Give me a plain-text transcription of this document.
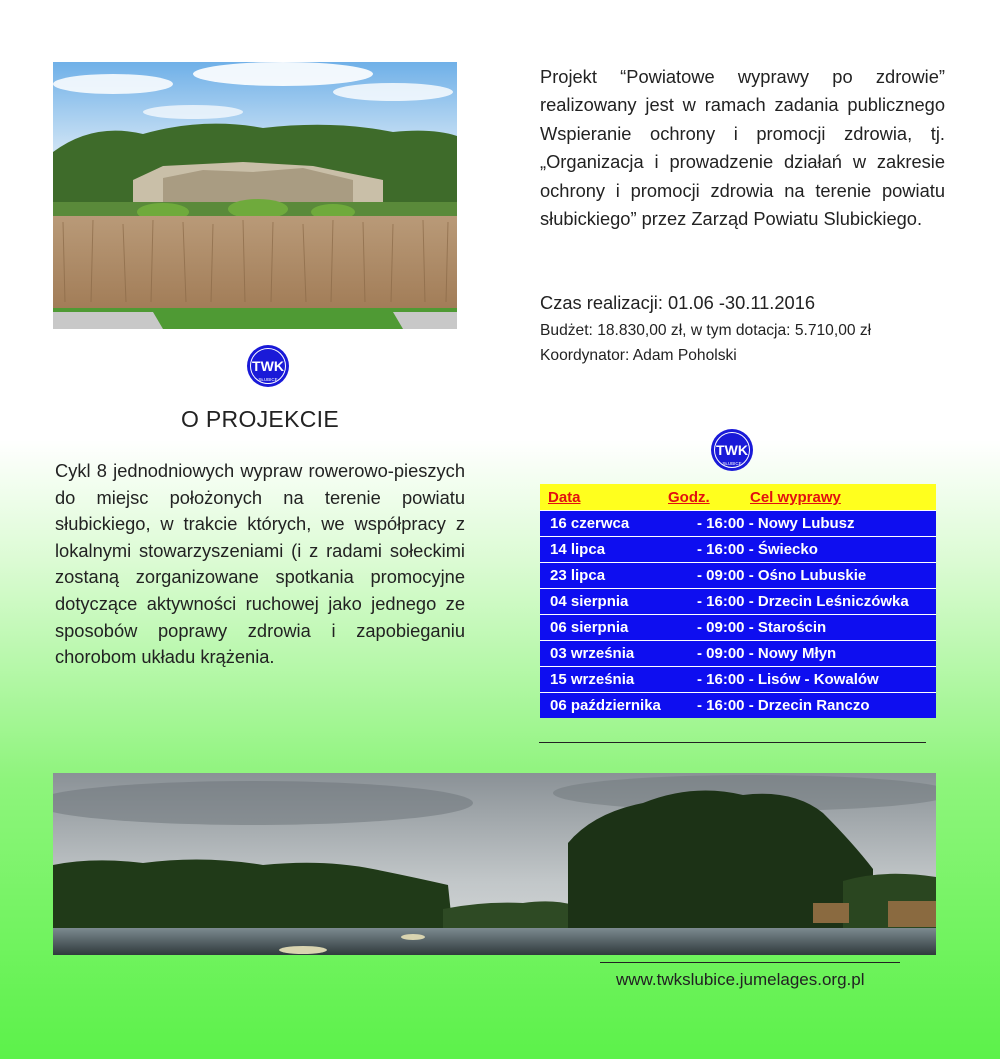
TWK
SŁUBICE
O PROJEKCIE
Cykl 8 jednodniowych wypraw rowerowo-pieszych do miejsc położonych na terenie powiatu słubickiego, w trakcie których, we współpracy z lokalnymi stowarzyszeniami (i z radami sołeckimi zostaną zorganizowane spotkania promocyjne dotyczące aktywności ruchowej jako jednego ze sposobów poprawy zdrowia i zapobieganiu chorobom układu krążenia.
Projekt “Powiatowe wyprawy po zdrowie” realizowany jest w ramach zadania publicznego Wspieranie ochrony i promocji zdrowia, tj. „Organizacja i prowadzenie działań w zakresie ochrony i promocji zdrowia na terenie powiatu słubickiego” przez Zarząd Powiatu Slubickiego.
Czas realizacji: 01.06 -30.11.2016
Budżet: 18.830,00 zł, w tym dotacja: 5.710,00 zł
Koordynator: Adam Poholski
TWK
SŁUBICE
Data	Godz.	Cel wyprawy
16 czerwca	- 16:00 - Nowy Lubusz
14 lipca	- 16:00 - Świecko
23 lipca	- 09:00 - Ośno Lubuskie
04 sierpnia	- 16:00 - Drzecin Leśniczówka
06 sierpnia	- 09:00 - Starościn
03 września	- 09:00 - Nowy Młyn
15 września	- 16:00 - Lisów - Kowalów
06 października - 16:00 - Drzecin Ranczo
www.twkslubice.jumelages.org.pl
